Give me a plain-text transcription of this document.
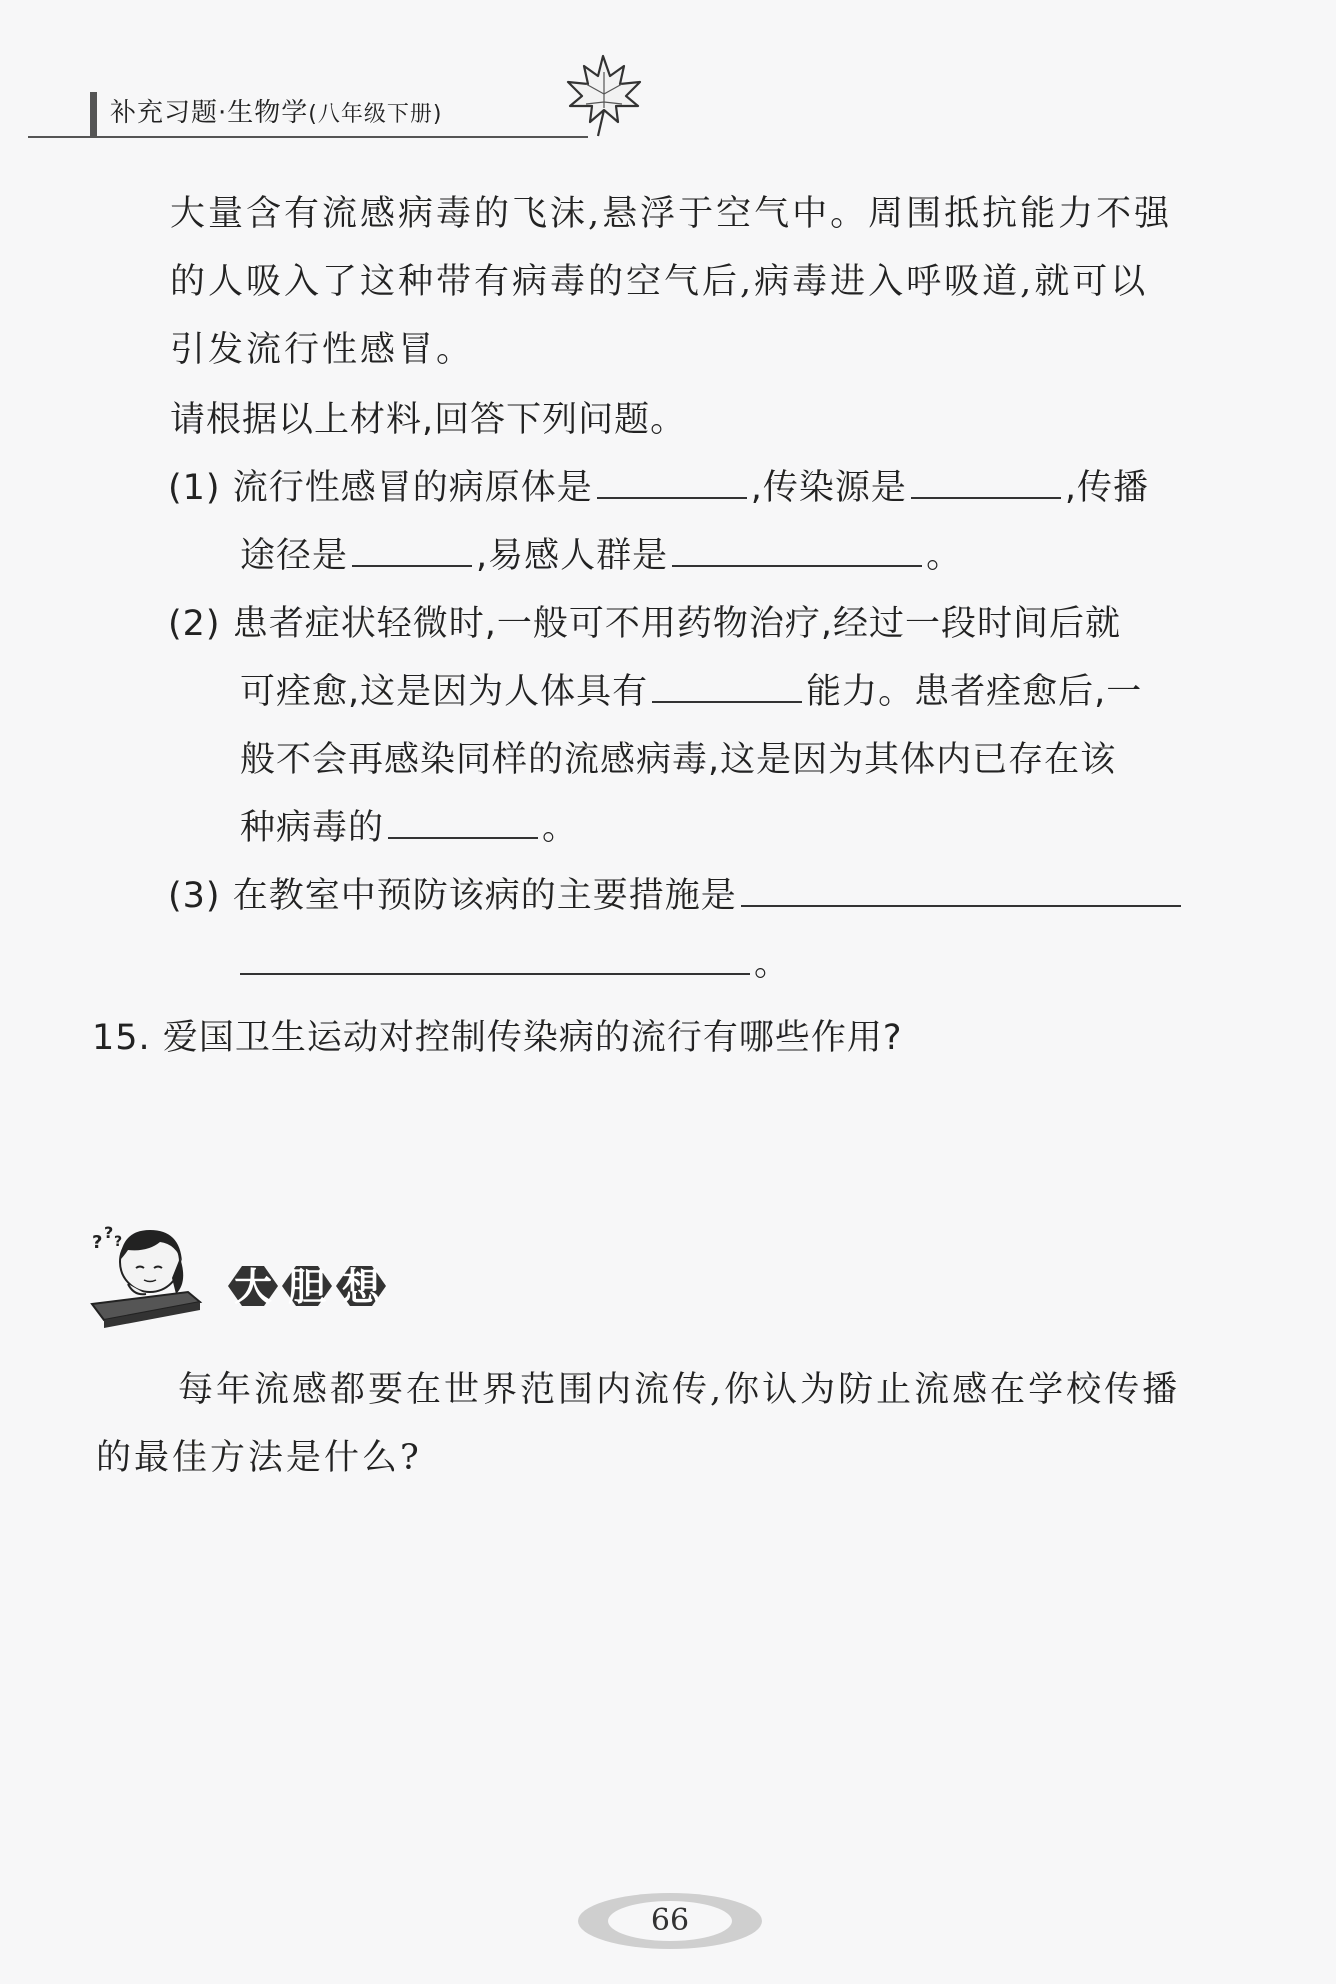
补充习题·生物学(八年级下册)
大量含有流感病毒的飞沫,悬浮于空气中。周围抵抗能力不强
的人吸入了这种带有病毒的空气后,病毒进入呼吸道,就可以
引发流行性感冒。
请根据以上材料,回答下列问题。
(1) 流行性感冒的病原体是	,传染源是	,传播
途径是	,易感人群是	。
(2) 患者症状轻微时,一般可不用药物治疗,经过一段时间后就
可痊愈,这是因为人体具有	能力。患者痊愈后,一
般不会再感染同样的流感病毒,这是因为其体内已存在该
种病毒的	。
(3) 在教室中预防该病的主要措施是
。
15. 爱国卫生运动对控制传染病的流行有哪些作用?
? ? ?
大 胆 想
每年流感都要在世界范围内流传,你认为防止流感在学校传播
的最佳方法是什么?
66
